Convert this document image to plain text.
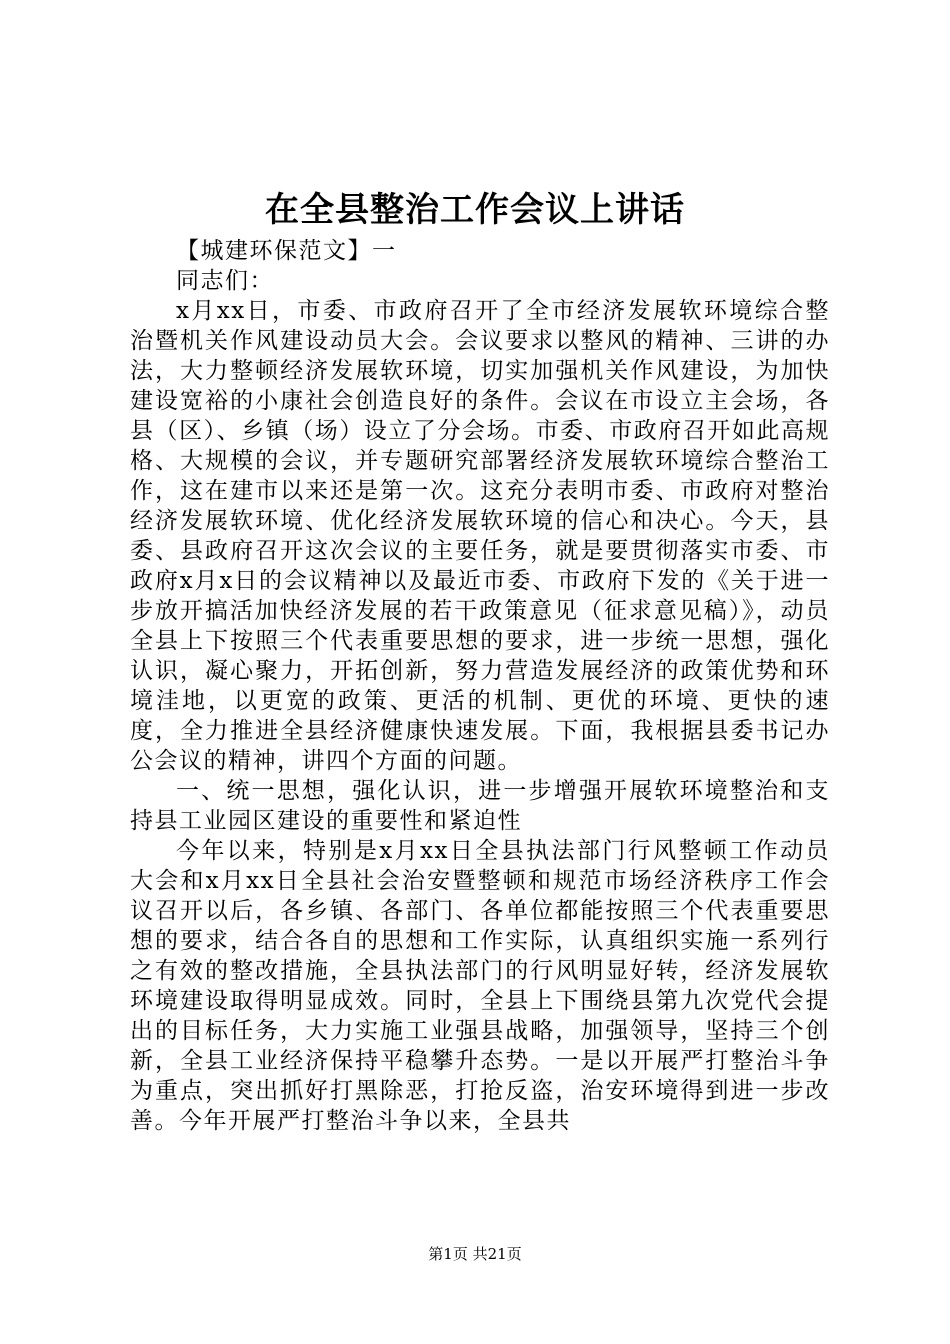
在全县整治工作会议上讲话

【城建环保范文】一

同志们：

x月xx日，市委、市政府召开了全市经济发展软环境综合整治暨机关作风建设动员大会。会议要求以整风的精神、三讲的办法，大力整顿经济发展软环境，切实加强机关作风建设，为加快建设宽裕的小康社会创造良好的条件。会议在市设立主会场，各县（区）、乡镇（场）设立了分会场。市委、市政府召开如此高规格、大规模的会议，并专题研究部署经济发展软环境综合整治工作，这在建市以来还是第一次。这充分表明市委、市政府对整治经济发展软环境、优化经济发展软环境的信心和决心。今天，县委、县政府召开这次会议的主要任务，就是要贯彻落实市委、市政府x月x日的会议精神以及最近市委、市政府下发的《关于进一步放开搞活加快经济发展的若干政策意见（征求意见稿）》，动员全县上下按照三个代表重要思想的要求，进一步统一思想，强化认识，凝心聚力，开拓创新，努力营造发展经济的政策优势和环境洼地，以更宽的政策、更活的机制、更优的环境、更快的速度，全力推进全县经济健康快速发展。下面，我根据县委书记办公会议的精神，讲四个方面的问题。

一、统一思想，强化认识，进一步增强开展软环境整治和支持县工业园区建设的重要性和紧迫性

今年以来，特别是x月xx日全县执法部门行风整顿工作动员大会和x月xx日全县社会治安暨整顿和规范市场经济秩序工作会议召开以后，各乡镇、各部门、各单位都能按照三个代表重要思想的要求，结合各自的思想和工作实际，认真组织实施一系列行之有效的整改措施，全县执法部门的行风明显好转，经济发展软环境建设取得明显成效。同时，全县上下围绕县第九次党代会提出的目标任务，大力实施工业强县战略，加强领导，坚持三个创新，全县工业经济保持平稳攀升态势。一是以开展严打整治斗争为重点，突出抓好打黑除恶，打抢反盗，治安环境得到进一步改善。今年开展严打整治斗争以来，全县共

第1页 共21页
